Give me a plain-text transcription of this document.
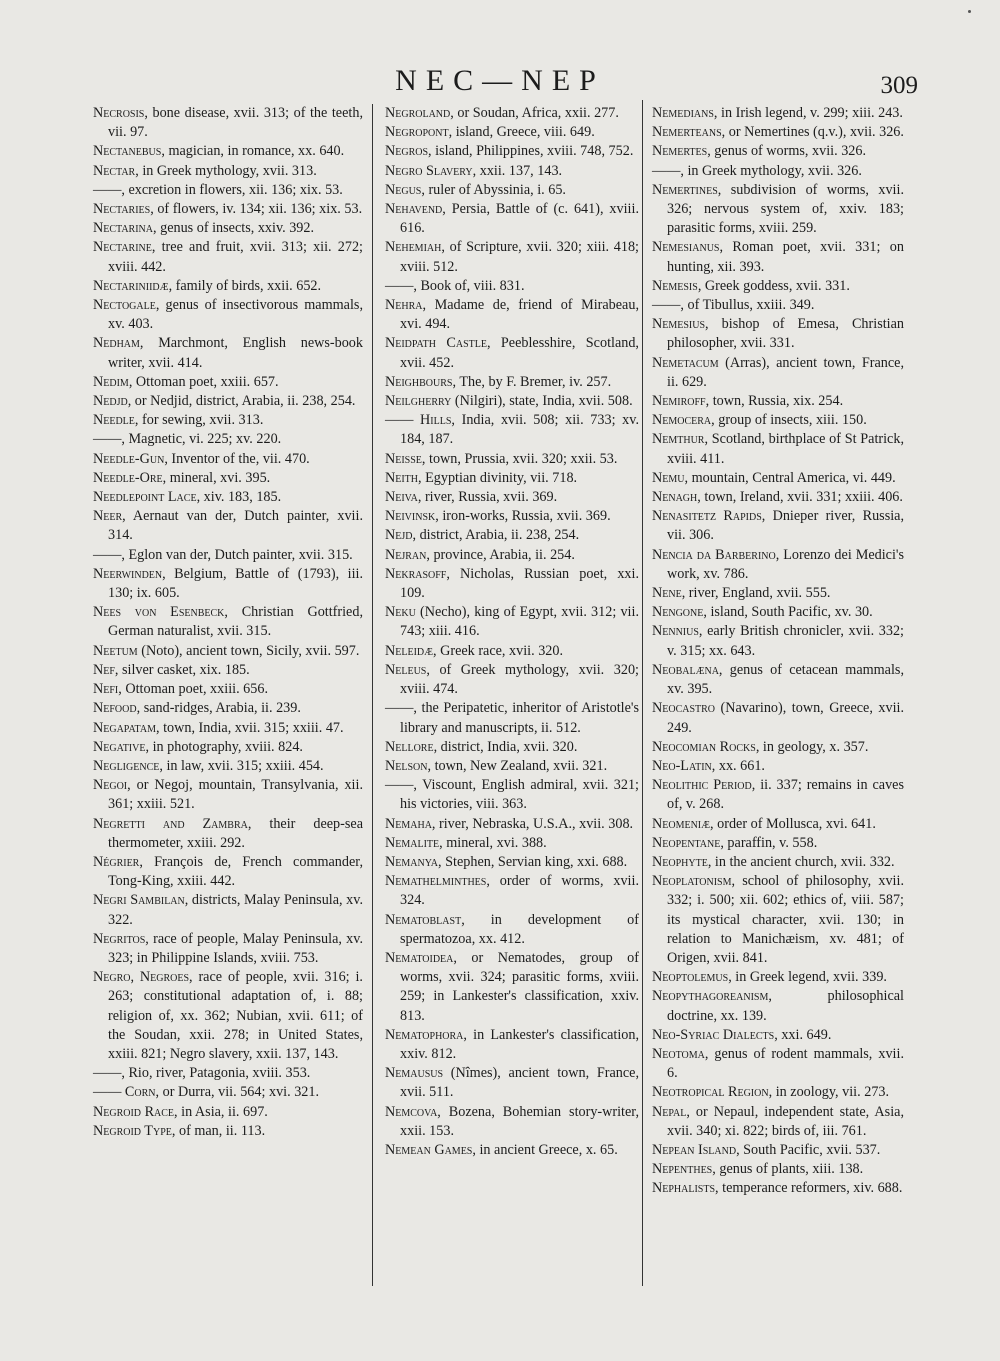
NEC—NEP	309
Necrosis, bone disease, xvii. 313; of the teeth, vii. 97.
Nectanebus, magician, in romance, xx. 640.
Nectar, in Greek mythology, xvii. 313.
——, excretion in flowers, xii. 136; xix. 53.
Nectaries, of flowers, iv. 134; xii. 136; xix. 53.
Nectarina, genus of insects, xxiv. 392.
Nectarine, tree and fruit, xvii. 313; xii. 272; xviii. 442.
Nectariniidæ, family of birds, xxii. 652.
Nectogale, genus of insectivorous mammals, xv. 403.
Nedham, Marchmont, English news-book writer, xvii. 414.
Nedim, Ottoman poet, xxiii. 657.
Nedjd, or Nedjid, district, Arabia, ii. 238, 254.
Needle, for sewing, xvii. 313.
——, Magnetic, vi. 225; xv. 220.
Needle-Gun, Inventor of the, vii. 470.
Needle-Ore, mineral, xvi. 395.
Needlepoint Lace, xiv. 183, 185.
Neer, Aernaut van der, Dutch painter, xvii. 314.
——, Eglon van der, Dutch painter, xvii. 315.
Neerwinden, Belgium, Battle of (1793), iii. 130; ix. 605.
Nees von Esenbeck, Christian Gottfried, German naturalist, xvii. 315.
Neetum (Noto), ancient town, Sicily, xvii. 597.
Nef, silver casket, xix. 185.
Nefi, Ottoman poet, xxiii. 656.
Nefood, sand-ridges, Arabia, ii. 239.
Negapatam, town, India, xvii. 315; xxiii. 47.
Negative, in photography, xviii. 824.
Negligence, in law, xvii. 315; xxiii. 454.
Negoi, or Negoj, mountain, Transylvania, xii. 361; xxiii. 521.
Negretti and Zambra, their deep-sea thermometer, xxiii. 292.
Négrier, François de, French commander, Tong-King, xxiii. 442.
Negri Sambilan, districts, Malay Peninsula, xv. 322.
Negritos, race of people, Malay Peninsula, xv. 323; in Philippine Islands, xviii. 753.
Negro, Negroes, race of people, xvii. 316; i. 263; constitutional adaptation of, i. 88; religion of, xx. 362; Nubian, xvii. 611; of the Soudan, xxii. 278; in United States, xxiii. 821; Negro slavery, xxii. 137, 143.
——, Rio, river, Patagonia, xviii. 353.
—— Corn, or Durra, vii. 564; xvi. 321.
Negroid Race, in Asia, ii. 697.
Negroid Type, of man, ii. 113.
Negroland, or Soudan, Africa, xxii. 277.
Negropont, island, Greece, viii. 649.
Negros, island, Philippines, xviii. 748, 752.
Negro Slavery, xxii. 137, 143.
Negus, ruler of Abyssinia, i. 65.
Nehavend, Persia, Battle of (c. 641), xviii. 616.
Nehemiah, of Scripture, xvii. 320; xiii. 418; xviii. 512.
——, Book of, viii. 831.
Nehra, Madame de, friend of Mirabeau, xvi. 494.
Neidpath Castle, Peeblesshire, Scotland, xvii. 452.
Neighbours, The, by F. Bremer, iv. 257.
Neilgherry (Nilgiri), state, India, xvii. 508.
—— Hills, India, xvii. 508; xii. 733; xv. 184, 187.
Neisse, town, Prussia, xvii. 320; xxii. 53.
Neith, Egyptian divinity, vii. 718.
Neiva, river, Russia, xvii. 369.
Neivinsk, iron-works, Russia, xvii. 369.
Nejd, district, Arabia, ii. 238, 254.
Nejran, province, Arabia, ii. 254.
Nekrasoff, Nicholas, Russian poet, xxi. 109.
Neku (Necho), king of Egypt, xvii. 312; vii. 743; xiii. 416.
Neleidæ, Greek race, xvii. 320.
Neleus, of Greek mythology, xvii. 320; xviii. 474.
——, the Peripatetic, inheritor of Aristotle's library and manuscripts, ii. 512.
Nellore, district, India, xvii. 320.
Nelson, town, New Zealand, xvii. 321.
——, Viscount, English admiral, xvii. 321; his victories, viii. 363.
Nemaha, river, Nebraska, U.S.A., xvii. 308.
Nemalite, mineral, xvi. 388.
Nemanya, Stephen, Servian king, xxi. 688.
Nemathelminthes, order of worms, xvii. 324.
Nematoblast, in development of spermatozoa, xx. 412.
Nematoidea, or Nematodes, group of worms, xvii. 324; parasitic forms, xviii. 259; in Lankester's classification, xxiv. 813.
Nematophora, in Lankester's classification, xxiv. 812.
Nemausus (Nîmes), ancient town, France, xvii. 511.
Nemcova, Bozena, Bohemian story-writer, xxii. 153.
Nemean Games, in ancient Greece, x. 65.
Nemedians, in Irish legend, v. 299; xiii. 243.
Nemerteans, or Nemertines (q.v.), xvii. 326.
Nemertes, genus of worms, xvii. 326.
——, in Greek mythology, xvii. 326.
Nemertines, subdivision of worms, xvii. 326; nervous system of, xxiv. 183; parasitic forms, xviii. 259.
Nemesianus, Roman poet, xvii. 331; on hunting, xii. 393.
Nemesis, Greek goddess, xvii. 331.
——, of Tibullus, xxiii. 349.
Nemesius, bishop of Emesa, Christian philosopher, xvii. 331.
Nemetacum (Arras), ancient town, France, ii. 629.
Nemiroff, town, Russia, xix. 254.
Nemocera, group of insects, xiii. 150.
Nemthur, Scotland, birthplace of St Patrick, xviii. 411.
Nemu, mountain, Central America, vi. 449.
Nenagh, town, Ireland, xvii. 331; xxiii. 406.
Nenasitetz Rapids, Dnieper river, Russia, vii. 306.
Nencia da Barberino, Lorenzo dei Medici's work, xv. 786.
Nene, river, England, xvii. 555.
Nengone, island, South Pacific, xv. 30.
Nennius, early British chronicler, xvii. 332; v. 315; xx. 643.
Neobalæna, genus of cetacean mammals, xv. 395.
Neocastro (Navarino), town, Greece, xvii. 249.
Neocomian Rocks, in geology, x. 357.
Neo-Latin, xx. 661.
Neolithic Period, ii. 337; remains in caves of, v. 268.
Neomeniæ, order of Mollusca, xvi. 641.
Neopentane, paraffin, v. 558.
Neophyte, in the ancient church, xvii. 332.
Neoplatonism, school of philosophy, xvii. 332; i. 500; xii. 602; ethics of, viii. 587; its mystical character, xvii. 130; in relation to Manichæism, xv. 481; of Origen, xvii. 841.
Neoptolemus, in Greek legend, xvii. 339.
Neopythagoreanism, philosophical doctrine, xx. 139.
Neo-Syriac Dialects, xxi. 649.
Neotoma, genus of rodent mammals, xvii. 6.
Neotropical Region, in zoology, vii. 273.
Nepal, or Nepaul, independent state, Asia, xvii. 340; xi. 822; birds of, iii. 761.
Nepean Island, South Pacific, xvii. 537.
Nepenthes, genus of plants, xiii. 138.
Nephalists, temperance reformers, xiv. 688.
